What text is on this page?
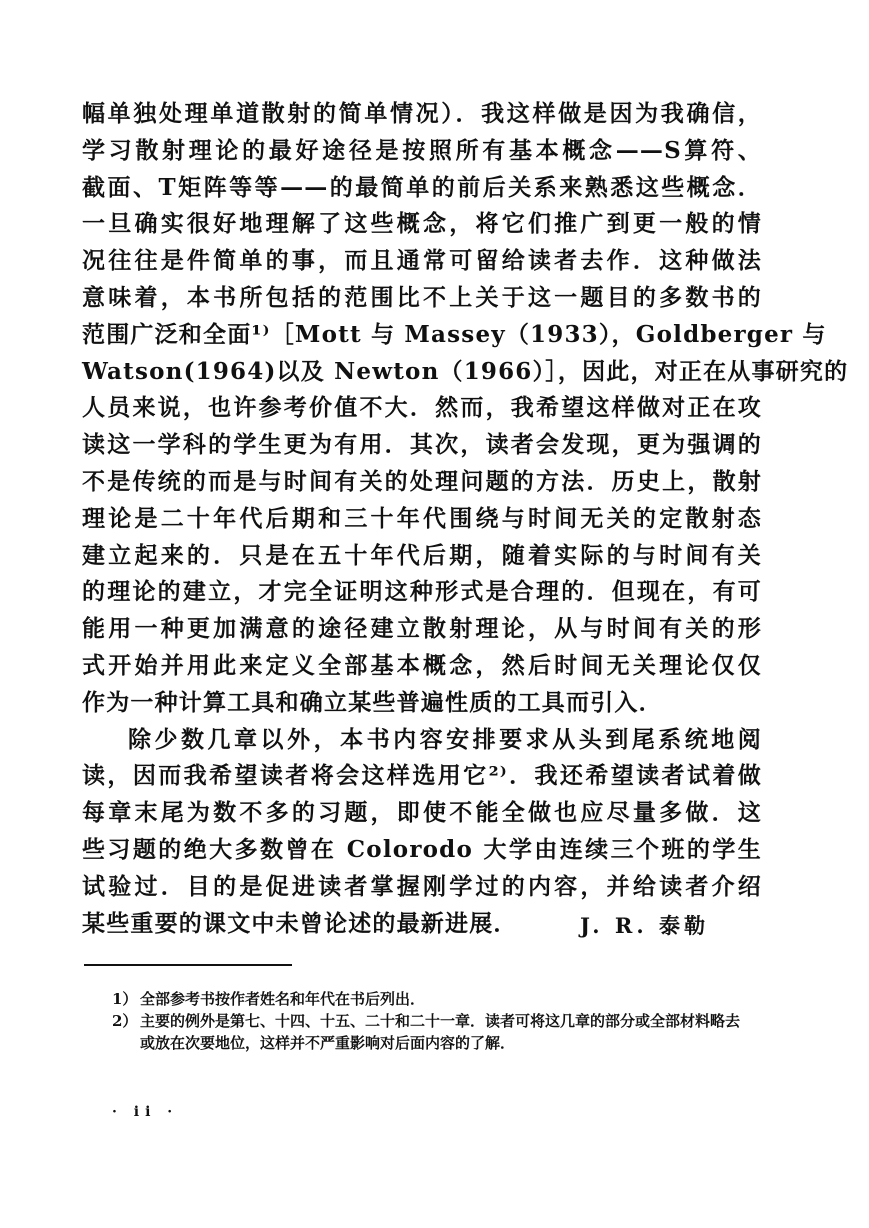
幅单独处理单道散射的简单情况）．我这样做是因为我确信，
学习散射理论的最好途径是按照所有基本概念——S算符、
截面、T矩阵等等——的最简单的前后关系来熟悉这些概念．
一旦确实很好地理解了这些概念，将它们推广到更一般的情
况往往是件简单的事，而且通常可留给读者去作．这种做法
意味着，本书所包括的范围比不上关于这一题目的多数书的
范围广泛和全面¹⁾［Mott 与 Massey（1933），Goldberger 与
Watson(1964)以及 Newton（1966）］，因此，对正在从事研究的
人员来说，也许参考价值不大．然而，我希望这样做对正在攻
读这一学科的学生更为有用．其次，读者会发现，更为强调的
不是传统的而是与时间有关的处理问题的方法．历史上，散射
理论是二十年代后期和三十年代围绕与时间无关的定散射态
建立起来的．只是在五十年代后期，随着实际的与时间有关
的理论的建立，才完全证明这种形式是合理的．但现在，有可
能用一种更加满意的途径建立散射理论，从与时间有关的形
式开始并用此来定义全部基本概念，然后时间无关理论仅仅
作为一种计算工具和确立某些普遍性质的工具而引入．
除少数几章以外，本书内容安排要求从头到尾系统地阅
读，因而我希望读者将会这样选用它²⁾．我还希望读者试着做
每章末尾为数不多的习题，即使不能全做也应尽量多做．这
些习题的绝大多数曾在 Colorodo 大学由连续三个班的学生
试验过．目的是促进读者掌握刚学过的内容，并给读者介绍
某些重要的课文中未曾论述的最新进展．	J. R. 泰勒
1） 全部参考书按作者姓名和年代在书后列出．
2） 主要的例外是第七、十四、十五、二十和二十一章．读者可将这几章的部分或全部材料略去或放在次要地位，这样并不严重影响对后面内容的了解．
· ii ·
